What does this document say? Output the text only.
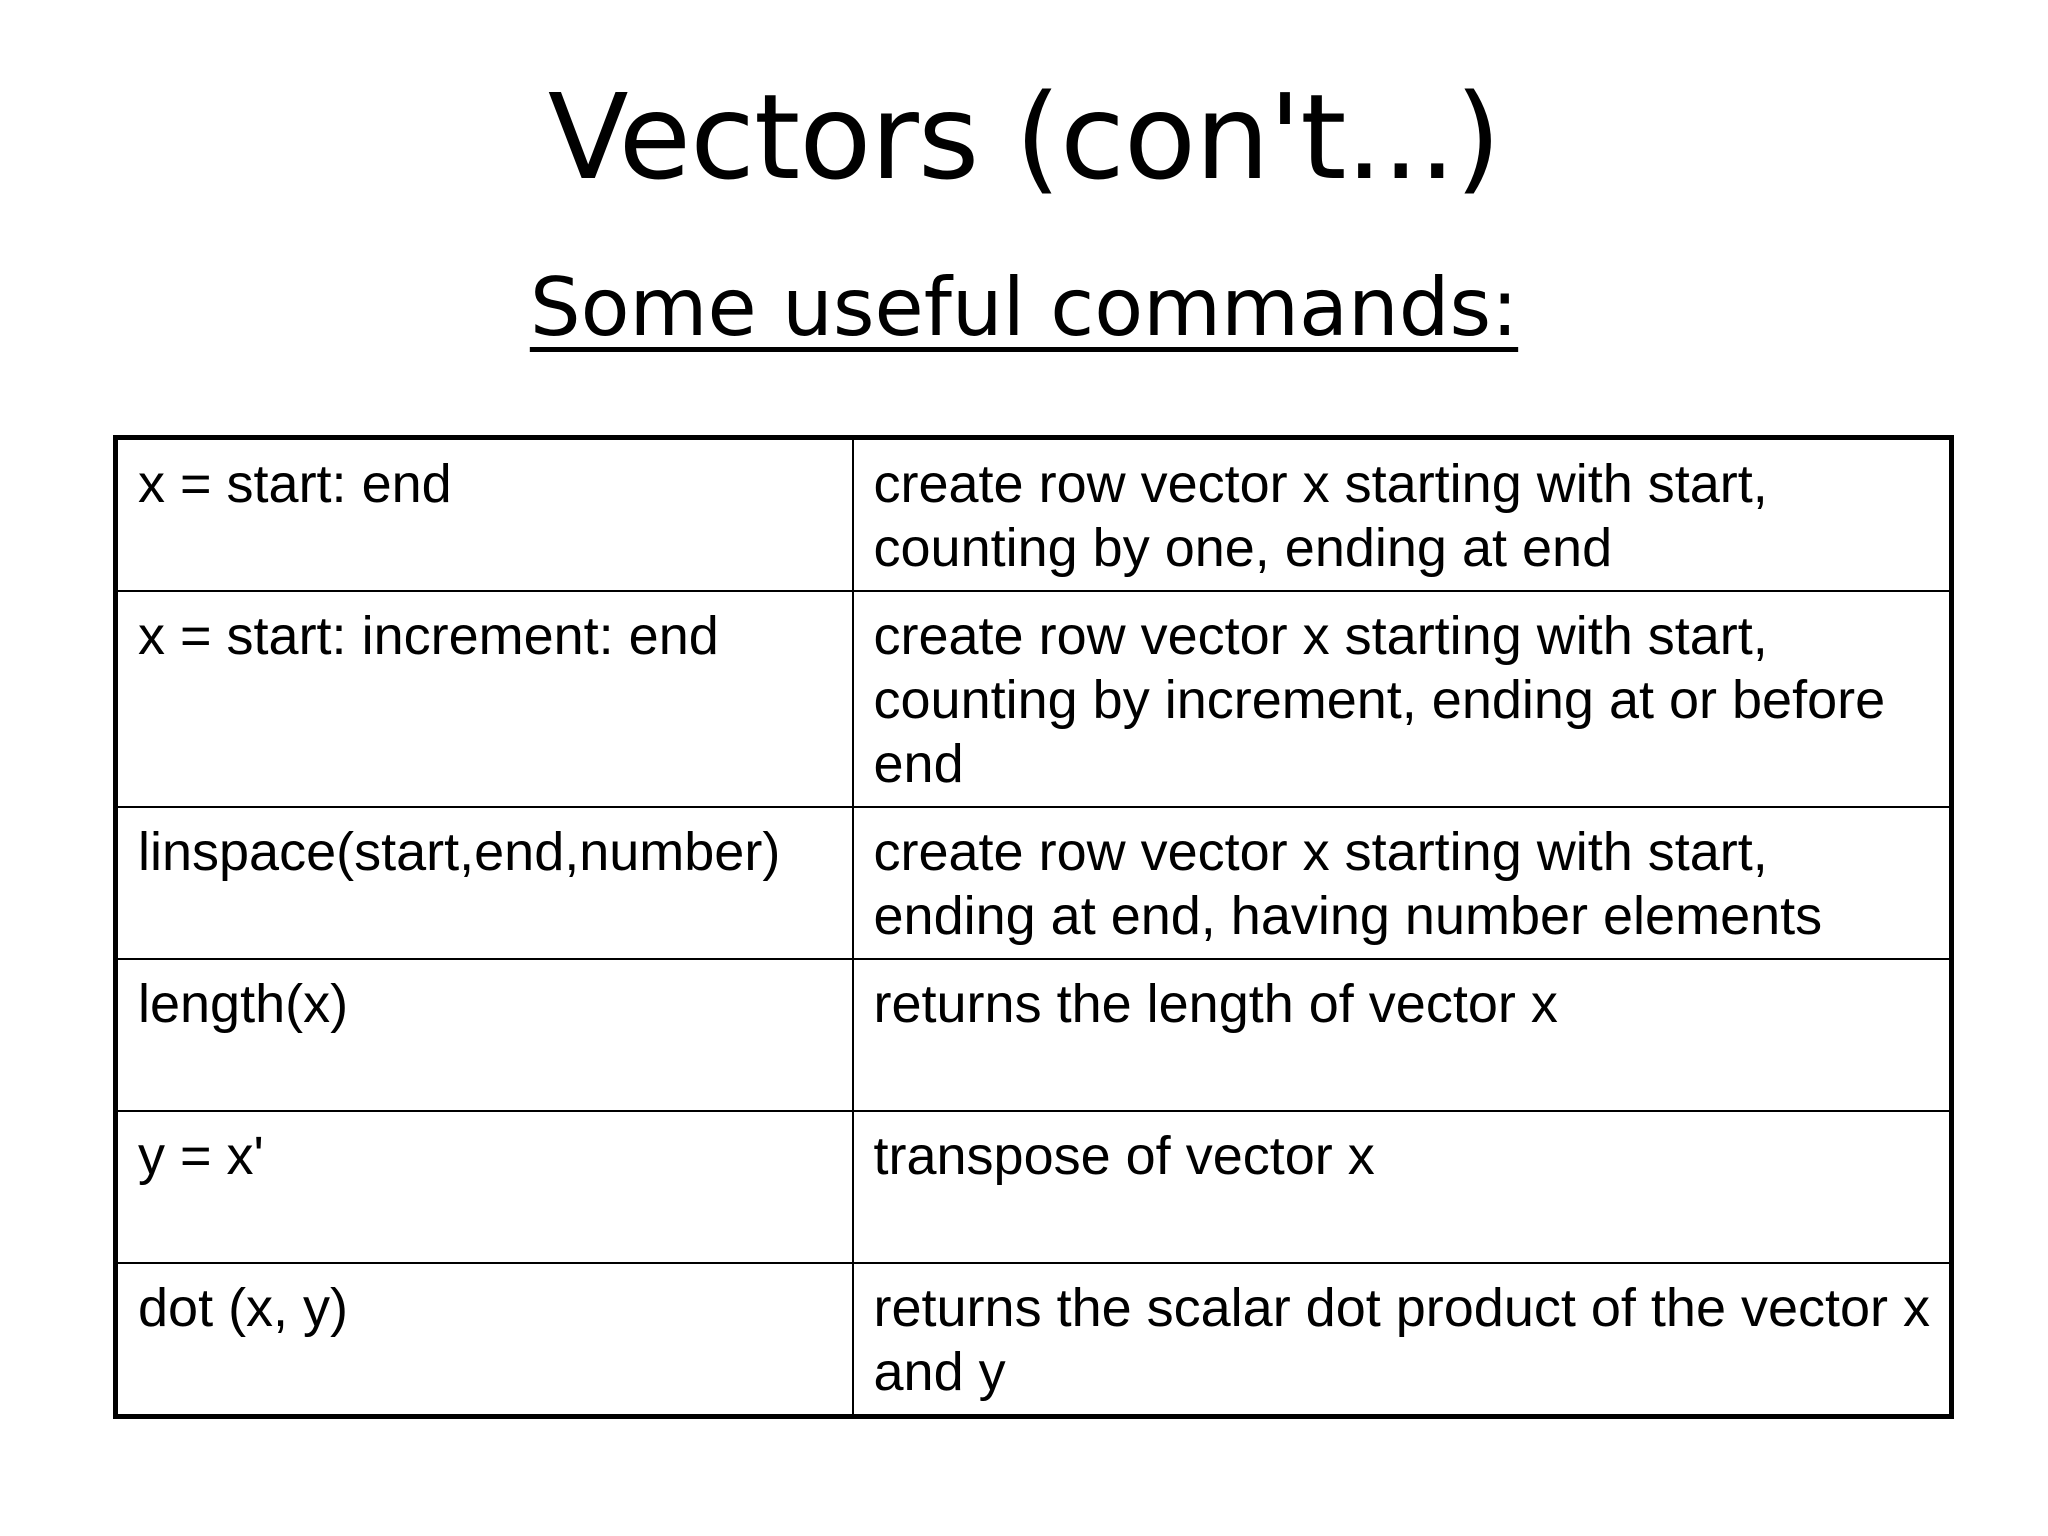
Vectors (con't...)
Some useful commands:
x = start: end	create row vector x starting with start, counting by one, ending at end
x = start: increment: end	create row vector x starting with start, counting by increment, ending at or before end
linspace(start,end,number)	create row vector x starting with start, ending at end, having number elements
length(x)	returns the length of vector x
y = x'	transpose of vector x
dot (x, y)	returns the scalar dot product of the vector x and y
